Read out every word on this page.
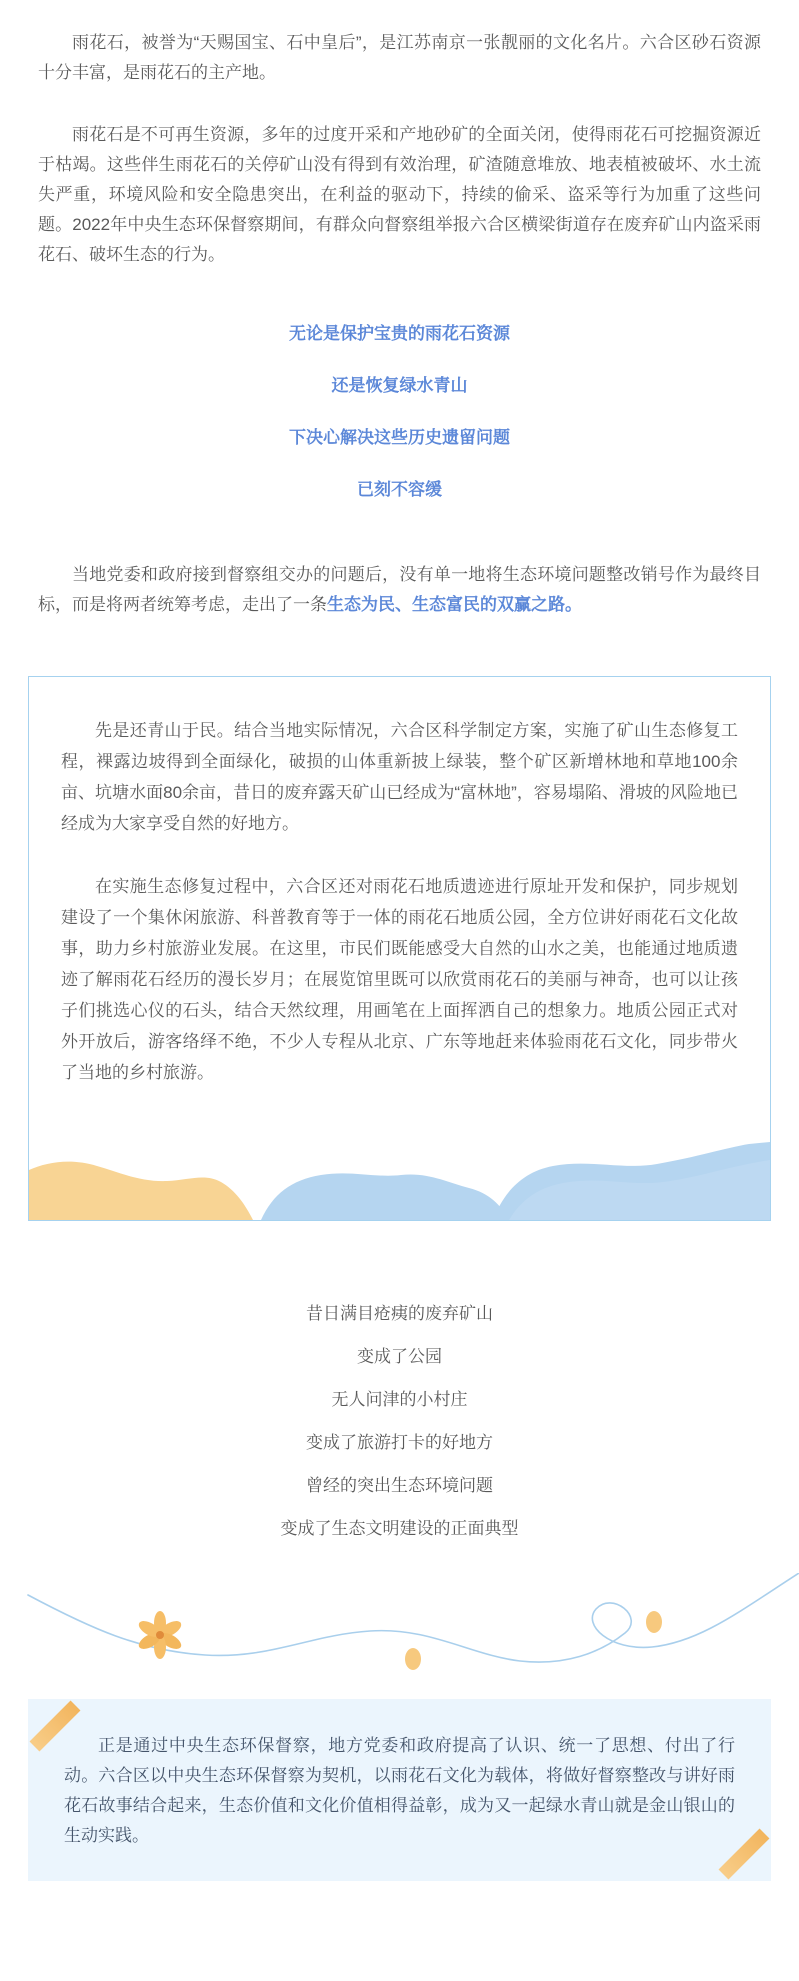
雨花石，被誉为“天赐国宝、石中皇后”，是江苏南京一张靓丽的文化名片。六合区砂石资源十分丰富，是雨花石的主产地。

雨花石是不可再生资源，多年的过度开采和产地砂矿的全面关闭，使得雨花石可挖掘资源近于枯竭。这些伴生雨花石的关停矿山没有得到有效治理，矿渣随意堆放、地表植被破坏、水土流失严重，环境风险和安全隐患突出，在利益的驱动下，持续的偷采、盗采等行为加重了这些问题。2022年中央生态环保督察期间，有群众向督察组举报六合区横梁街道存在废弃矿山内盗采雨花石、破坏生态的行为。

无论是保护宝贵的雨花石资源
还是恢复绿水青山
下决心解决这些历史遗留问题
已刻不容缓

当地党委和政府接到督察组交办的问题后，没有单一地将生态环境问题整改销号作为最终目标，而是将两者统筹考虑，走出了一条生态为民、生态富民的双赢之路。

先是还青山于民。结合当地实际情况，六合区科学制定方案，实施了矿山生态修复工程，裸露边坡得到全面绿化，破损的山体重新披上绿装，整个矿区新增林地和草地100余亩、坑塘水面80余亩，昔日的废弃露天矿山已经成为“富林地”，容易塌陷、滑坡的风险地已经成为大家享受自然的好地方。

在实施生态修复过程中，六合区还对雨花石地质遗迹进行原址开发和保护，同步规划建设了一个集休闲旅游、科普教育等于一体的雨花石地质公园，全方位讲好雨花石文化故事，助力乡村旅游业发展。在这里，市民们既能感受大自然的山水之美，也能通过地质遗迹了解雨花石经历的漫长岁月；在展览馆里既可以欣赏雨花石的美丽与神奇，也可以让孩子们挑选心仪的石头，结合天然纹理，用画笔在上面挥洒自己的想象力。地质公园正式对外开放后，游客络绎不绝，不少人专程从北京、广东等地赶来体验雨花石文化，同步带火了当地的乡村旅游。

昔日满目疮痍的废弃矿山
变成了公园
无人问津的小村庄
变成了旅游打卡的好地方
曾经的突出生态环境问题
变成了生态文明建设的正面典型

正是通过中央生态环保督察，地方党委和政府提高了认识、统一了思想、付出了行动。六合区以中央生态环保督察为契机，以雨花石文化为载体，将做好督察整改与讲好雨花石故事结合起来，生态价值和文化价值相得益彰，成为又一起绿水青山就是金山银山的生动实践。
